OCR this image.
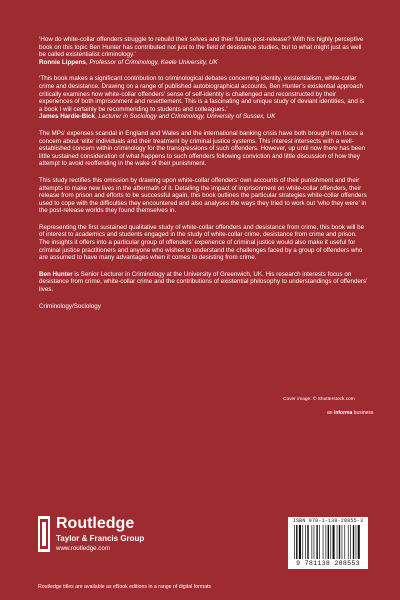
‘How do white-collar offenders struggle to rebuild their selves and their future post-release? With his highly perceptive book on this topic Ben Hunter has contributed not just to the field of desistance studies, but to what might just as well be called existentialist criminology.’
Ronnie Lippens, Professor of Criminology, Keele University, UK

‘This book makes a significant contribution to criminological debates concerning identity, existentialism, white-collar crime and desistance. Drawing on a range of published autobiographical accounts, Ben Hunter’s existential approach critically examines how white-collar offenders’ sense of self-identity is challenged and reconstructed by their experiences of both imprisonment and resettlement. This is a fascinating and unique study of deviant identities, and is a book I will certainly be recommending to students and colleagues.’
James Hardie-Bick, Lecturer in Sociology and Criminology, University of Sussex, UK

The MPs’ expenses scandal in England and Wales and the international banking crisis have both brought into focus a concern about ‘elite’ individuals and their treatment by criminal justice systems. This interest intersects with a well-established concern within criminology for the transgressions of such offenders. However, up until now there has been little sustained consideration of what happens to such offenders following conviction and little discussion of how they attempt to avoid reoffending in the wake of their punishment.

This study rectifies this omission by drawing upon white-collar offenders’ own accounts of their punishment and their attempts to make new lives in the aftermath of it. Detailing the impact of imprisonment on white-collar offenders, their release from prison and efforts to be successful again, this book outlines the particular strategies white-collar offenders used to cope with the difficulties they encountered and also analyses the ways they tried to work out ‘who they were’ in the post-release worlds they found themselves in.

Representing the first sustained qualitative study of white-collar offenders and desistance from crime, this book will be of interest to academics and students engaged in the study of white-collar crime, desistance from crime and prison. The insights it offers into a particular group of offenders’ experience of criminal justice would also make it useful for criminal justice practitioners and anyone who wishes to understand the challenges faced by a group of offenders who are assumed to have many advantages when it comes to desisting from crime.

Ben Hunter is Senior Lecturer in Criminology at the University of Greenwich, UK. His research interests focus on desistance from crime, white-collar crime and the contributions of existential philosophy to understandings of offenders’ lives.

Criminology/Sociology

Cover image: © Shutterstock.com
an informa business
Routledge
Taylor & Francis Group
www.routledge.com
Routledge titles are available as eBook editions in a range of digital formats
ISBN 978-1-138-28855-3
9 781138 288553
